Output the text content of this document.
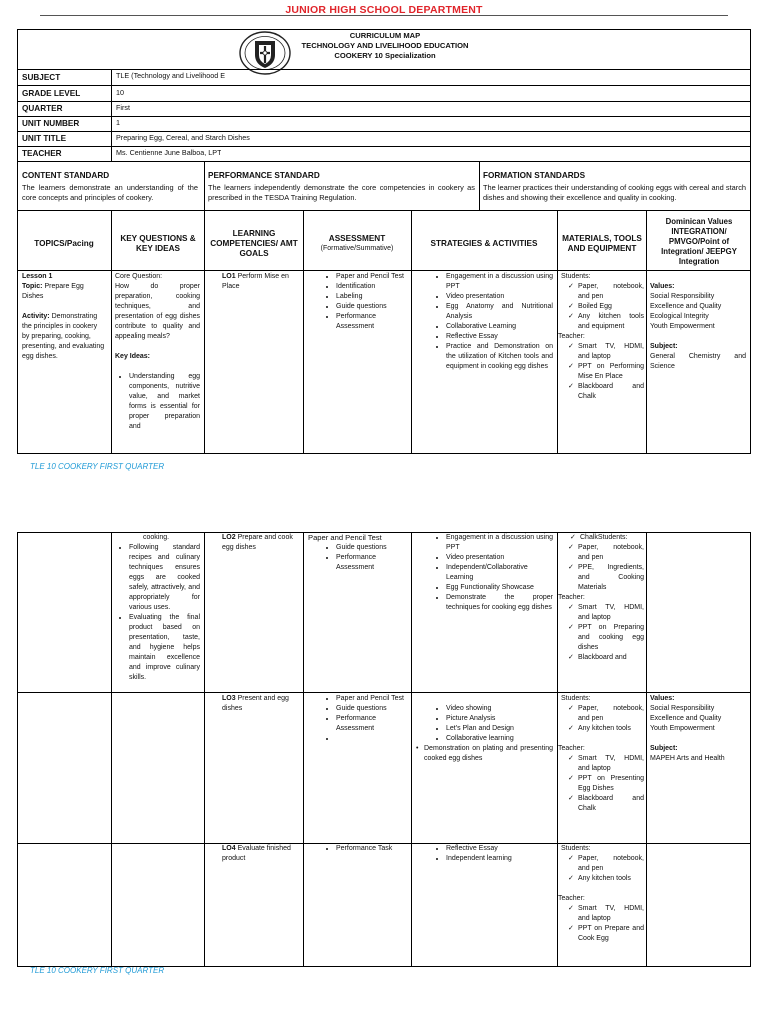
JUNIOR HIGH SCHOOL DEPARTMENT
CURRICULUM MAP
TECHNOLOGY AND LIVELIHOOD EDUCATION
COOKERY 10 Specialization
SUBJECT	TLE (Technology and Livelihood E
GRADE LEVEL	10
QUARTER	First
UNIT NUMBER	1
UNIT TITLE	Preparing Egg, Cereal, and Starch Dishes
TEACHER	Ms. Centienne June Balboa, LPT
CONTENT STANDARD
The learners demonstrate an understanding of the core concepts and principles of cookery.
PERFORMANCE STANDARD
The learners independently demonstrate the core competencies in cookery as prescribed in the TESDA Training Regulation.
FORMATION STANDARDS
The learner practices their understanding of cooking eggs with cereal and starch dishes and showing their excellence and quality in cooking.
TOPICS/Pacing
KEY QUESTIONS & KEY IDEAS
LEARNING COMPETENCIES/ AMT GOALS
ASSESSMENT
(Formative/Summative)
STRATEGIES & ACTIVITIES
MATERIALS, TOOLS AND EQUIPMENT
Dominican Values INTEGRATION/ PMVGO/Point of Integration/ JEEPGY Integration
Lesson 1
Topic: Prepare Egg Dishes
Activity: Demonstrating the principles in cookery by preparing, cooking, presenting, and evaluating egg dishes.
Core Question:
How do proper preparation, cooking techniques, and presentation of egg dishes contribute to quality and appealing meals?
Key Ideas:
• Understanding egg components, nutritive value, and market forms is essential for proper preparation and
LO1 Perform Mise en Place
• Paper and Pencil Test
• Identification
• Labeling
• Guide questions
• Performance Assessment
• Engagement in a discussion using PPT
• Video presentation
• Egg Anatomy and Nutritional Analysis
• Collaborative Learning
• Reflective Essay
• Practice and Demonstration on the utilization of Kitchen tools and equipment in cooking egg dishes
Students:
✓ Paper, notebook, and pen
✓ Boiled Egg
✓ Any kitchen tools and equipment
Teacher:
✓ Smart TV, HDMI, and laptop
✓ PPT on Performing Mise En Place
✓ Blackboard and Chalk
Values:
Social Responsibility
Excellence and Quality
Ecological Integrity
Youth Empowerment
Subject:
General Chemistry and Science
TLE 10 COOKERY FIRST QUARTER
cooking.
• Following standard recipes and culinary techniques ensures eggs are cooked safely, attractively, and appropriately for various uses.
• Evaluating the final product based on presentation, taste, and hygiene helps maintain excellence and improve culinary skills.
LO2 Prepare and cook egg dishes
Paper and Pencil Test
• Guide questions
• Performance Assessment
• Engagement in a discussion using PPT
• Video presentation
• Independent/Collaborative Learning
• Egg Functionality Showcase
• Demonstrate the proper techniques for cooking egg dishes
✓ ChalkStudents:
✓ Paper, notebook, and pen
✓ PPE, Ingredients, and Cooking Materials
Teacher:
✓ Smart TV, HDMI, and laptop
✓ PPT on Preparing and cooking egg dishes
✓ Blackboard and
LO3 Present and egg dishes
• Paper and Pencil Test
• Guide questions
• Performance Assessment
•
• Video showing
• Picture Analysis
• Let's Plan and Design
• Collaborative learning
• Demonstration on plating and presenting cooked egg dishes
Students:
✓ Paper, notebook, and pen
✓ Any kitchen tools
Teacher:
✓ Smart TV, HDMI, and laptop
✓ PPT on Presenting Egg Dishes
✓ Blackboard and Chalk
Values:
Social Responsibility
Excellence and Quality
Youth Empowerment
Subject:
MAPEH Arts and Health
LO4 Evaluate finished product
• Performance Task
•	Reflective Essay
• Independent learning
Students:
✓ Paper, notebook, and pen
✓ Any kitchen tools
Teacher:
✓ Smart TV, HDMI, and laptop
✓ PPT on Prepare and Cook Egg
TLE 10 COOKERY FIRST QUARTER
